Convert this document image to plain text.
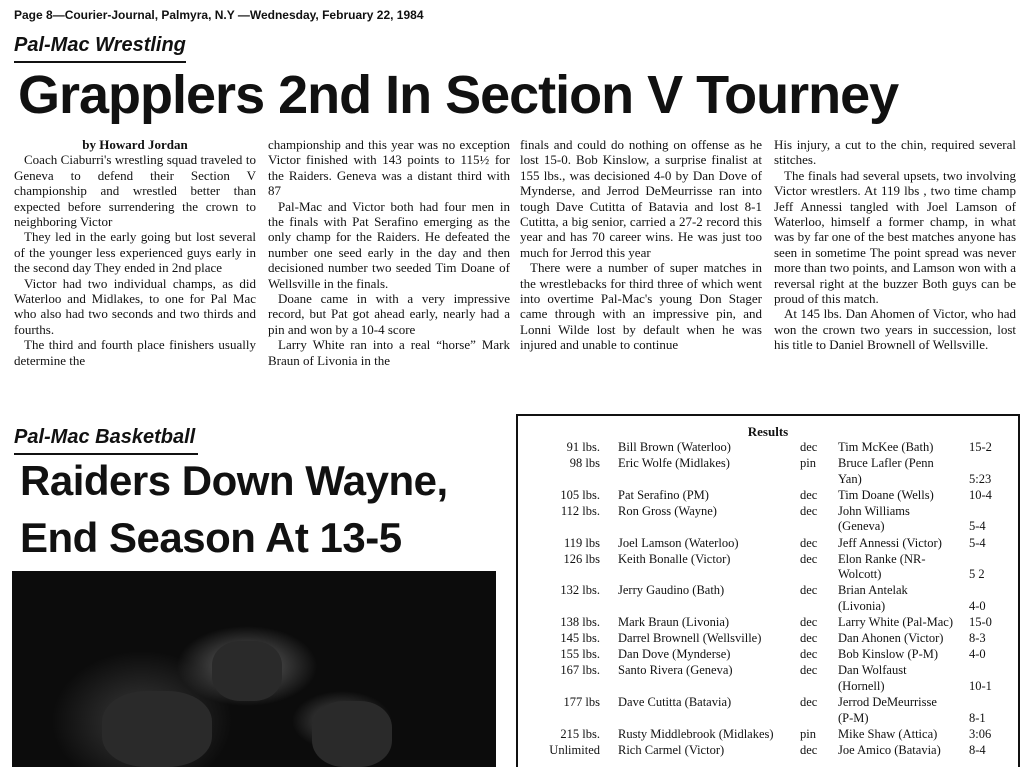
Page 8—Courier-Journal, Palmyra, N.Y —Wednesday, February 22, 1984
Pal-Mac Wrestling
Grapplers 2nd In Section V Tourney

by Howard Jordan

Coach Ciaburri's wrestling squad traveled to Geneva to defend their Section V championship and wrestled better than expected before surrendering the crown to neighboring Victor

They led in the early going but lost several of the younger less experienced guys early in the second day They ended in 2nd place

Victor had two individual champs, as did Waterloo and Midlakes, to one for Pal Mac who also had two seconds and two thirds and fourths.

The third and fourth place finishers usually determine the

championship and this year was no exception Victor finished with 143 points to 115½ for the Raiders. Geneva was a distant third with 87

Pal-Mac and Victor both had four men in the finals with Pat Serafino emerging as the only champ for the Raiders. He defeated the number one seed early in the day and then decisioned number two seeded Tim Doane of Wellsville in the finals.

Doane came in with a very impressive record, but Pat got ahead early, nearly had a pin and won by a 10-4 score

Larry White ran into a real “horse” Mark Braun of Livonia in the

finals and could do nothing on offense as he lost 15-0. Bob Kinslow, a surprise finalist at 155 lbs., was decisioned 4-0 by Dan Dove of Mynderse, and Jerrod DeMeurrisse ran into tough Dave Cutitta of Batavia and lost 8-1 Cutitta, a big senior, carried a 27-2 record this year and has 70 career wins. He was just too much for Jerrod this year

There were a number of super matches in the wrestlebacks for third three of which went into overtime Pal-Mac's young Don Stager came through with an impressive pin, and Lonni Wilde lost by default when he was injured and unable to continue

His injury, a cut to the chin, required several stitches.

The finals had several upsets, two involving Victor wrestlers. At 119 lbs , two time champ Jeff Annessi tangled with Joel Lamson of Waterloo, himself a former champ, in what was by far one of the best matches anyone has seen in sometime The point spread was never more than two points, and Lamson won with a reversal right at the buzzer Both guys can be proud of this match.

At 145 lbs. Dan Ahomen of Victor, who had won the crown two years in succession, lost his title to Daniel Brownell of Wellsville.

Pal-Mac Basketball
Raiders Down Wayne,
End Season At 13-5
Results
91 lbs. Bill Brown (Waterloo)	dec Tim McKee (Bath)	15-2
98 lbs Eric Wolfe (Midlakes)	pin Bruce Lafler (Penn
Yan)	5:23
105 lbs. Pat Serafino (PM)	dec Tim Doane (Wells)	10-4
112 lbs. Ron Gross (Wayne)	dec John Williams
(Geneva)	5-4
119 lbs Joel Lamson (Waterloo)	dec Jeff Annessi (Victor) 5-4
126 lbs Keith Bonalle (Victor)	dec Elon Ranke (NR-
Wolcott)	5 2
132 lbs. Jerry Gaudino (Bath)	dec Brian Antelak
(Livonia)	4-0
138 lbs. Mark Braun (Livonia)	dec Larry White (Pal-Mac) 15-0
145 lbs. Darrel Brownell (Wellsville)	dec Dan Ahonen (Victor) 8-3
155 lbs. Dan Dove (Mynderse)	dec Bob Kinslow (P-M) 4-0
167 lbs. Santo Rivera (Geneva)	dec Dan Wolfaust
(Hornell)	10-1
177 lbs Dave Cutitta (Batavia)	dec Jerrod DeMeurrisse
(P-M)	8-1
215 lbs. Rusty Middlebrook (Midlakes) pin Mike Shaw (Attica)	3:06
Unlimited Rich Carmel (Victor)	dec Joe Amico (Batavia) 8-4
